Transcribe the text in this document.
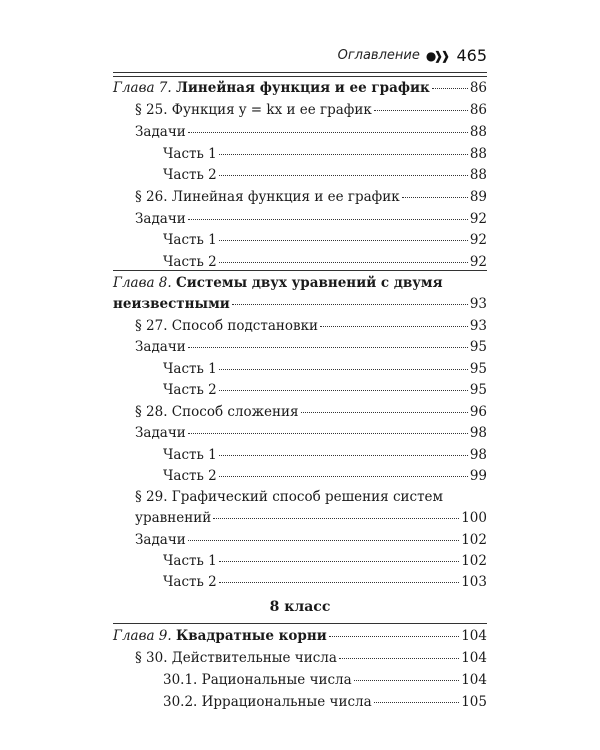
Оглавление ●❱❱ 465
Глава 7. Линейная функция и ее график	86
§ 25. Функция y = kx и ее график	86
Задачи	88
Часть 1	88
Часть 2	88
§ 26. Линейная функция и ее график	89
Задачи	92
Часть 1	92
Часть 2	92
Глава 8. Системы двух уравнений с двумя
неизвестными	93
§ 27. Способ подстановки	93
Задачи	95
Часть 1	95
Часть 2	95
§ 28. Способ сложения	96
Задачи	98
Часть 1	98
Часть 2	99
§ 29. Графический способ решения систем
уравнений	100
Задачи	102
Часть 1	102
Часть 2	103
8 класс
Глава 9. Квадратные корни	104
§ 30. Действительные числа	104
30.1. Рациональные числа	104
30.2. Иррациональные числа	105
